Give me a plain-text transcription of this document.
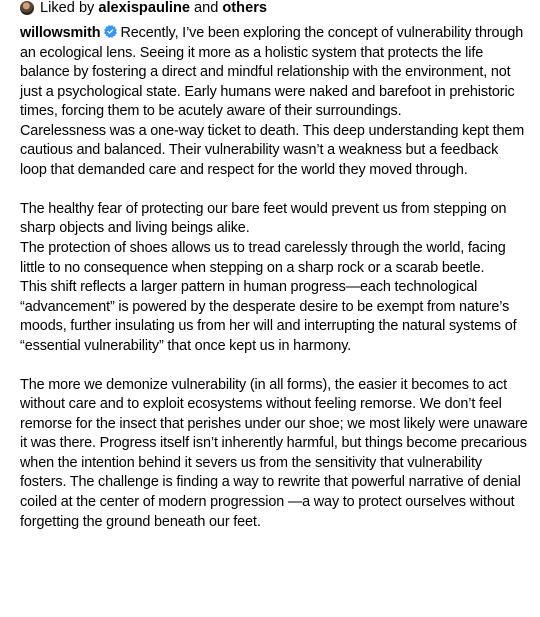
Liked by alexispauline and others

willowsmith Recently, I’ve been exploring the concept of vulnerability through an ecological lens. Seeing it more as a holistic system that protects the life balance by fostering a direct and mindful relationship with the environment, not just a psychological state. Early humans were naked and barefoot in prehistoric times, forcing them to be acutely aware of their surroundings.

Carelessness was a one-way ticket to death. This deep understanding kept them cautious and balanced. Their vulnerability wasn’t a weakness but a feedback loop that demanded care and respect for the world they moved through.

The healthy fear of protecting our bare feet would prevent us from stepping on sharp objects and living beings alike.

The protection of shoes allows us to tread carelessly through the world, facing little to no consequence when stepping on a sharp rock or a scarab beetle.

This shift reflects a larger pattern in human progress—each technological “advancement” is powered by the desperate desire to be exempt from nature’s moods, further insulating us from her will and interrupting the natural systems of “essential vulnerability” that once kept us in harmony.

The more we demonize vulnerability (in all forms), the easier it becomes to act without care and to exploit ecosystems without feeling remorse. We don’t feel remorse for the insect that perishes under our shoe; we most likely were unaware it was there. Progress itself isn’t inherently harmful, but things become precarious when the intention behind it severs us from the sensitivity that vulnerability fosters. The challenge is finding a way to rewrite that powerful narrative of denial coiled at the center of modern progression —a way to protect ourselves without forgetting the ground beneath our feet.
